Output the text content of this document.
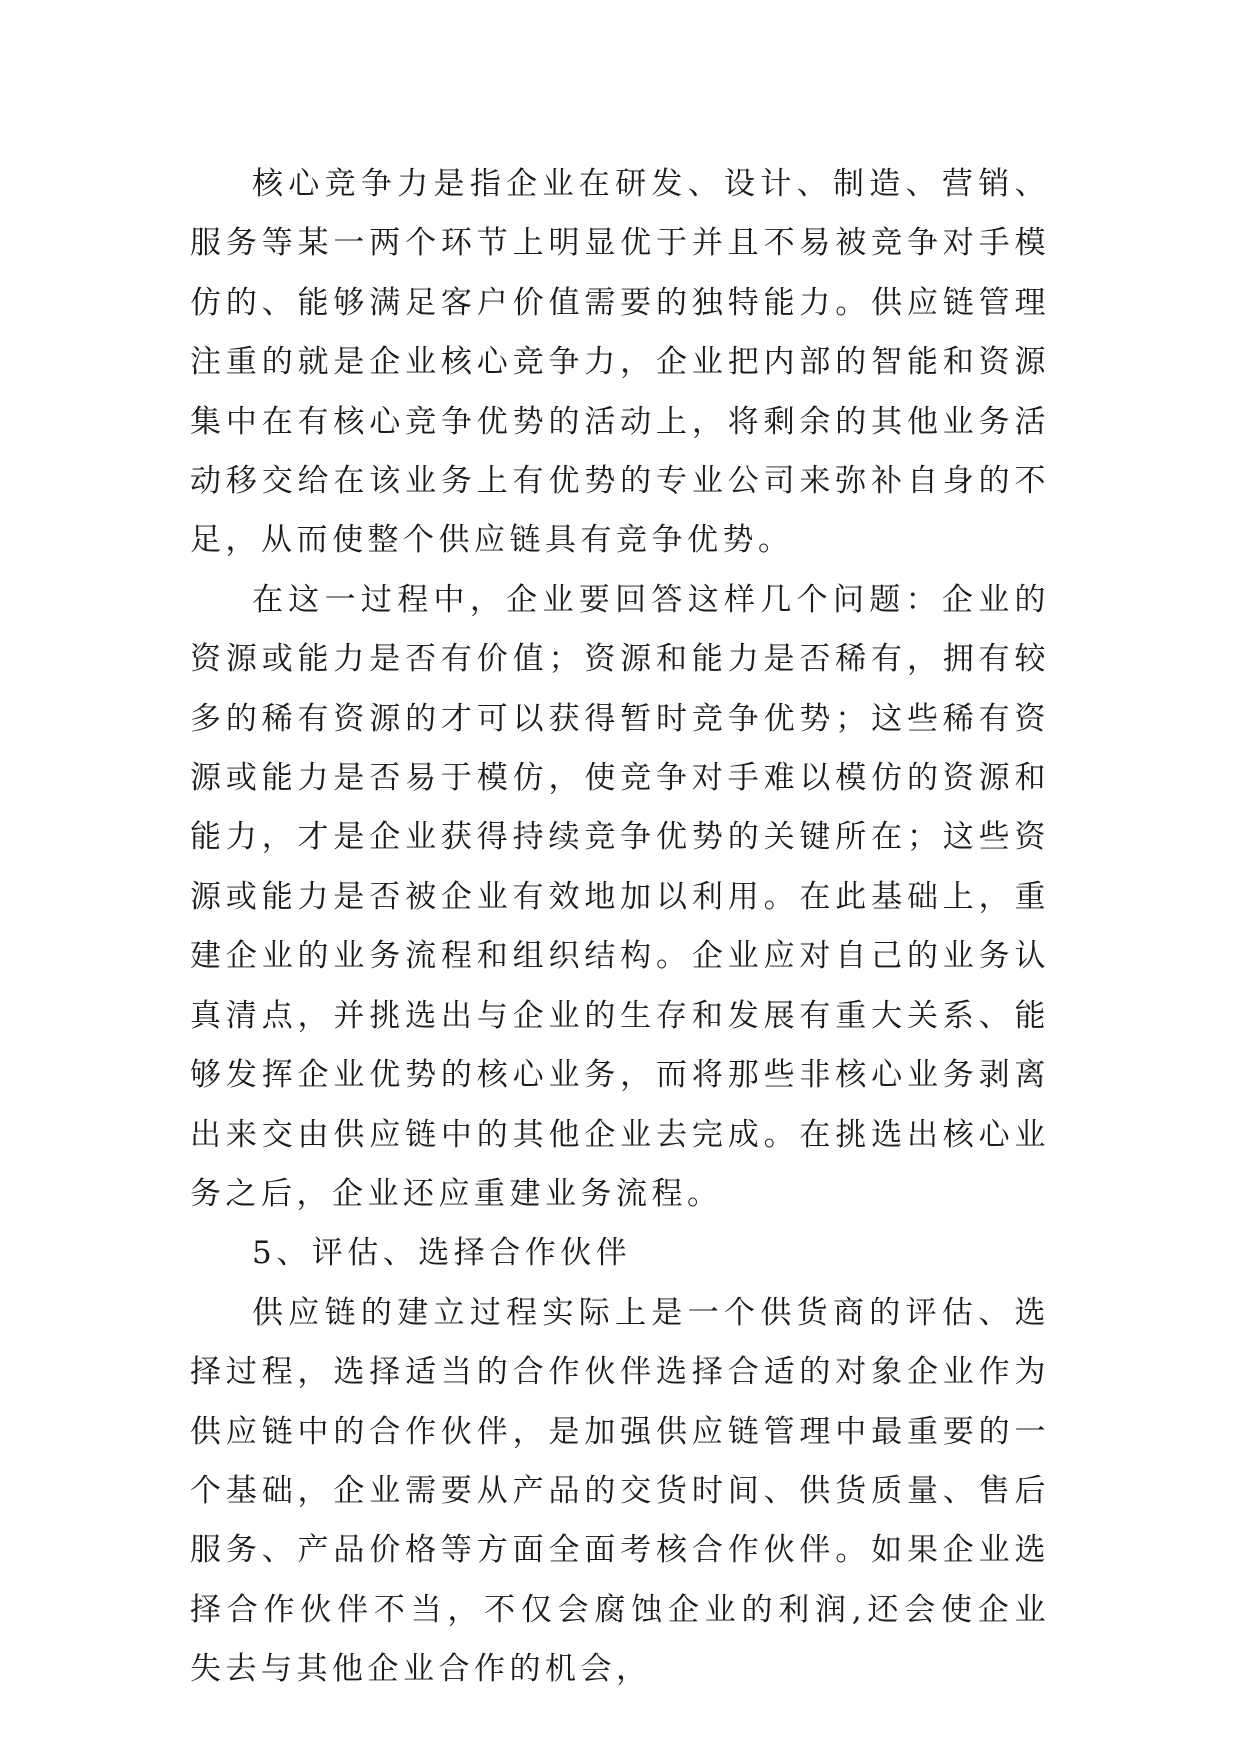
核心竞争力是指企业在研发、设计、制造、营销、服务等某一两个环节上明显优于并且不易被竞争对手模仿的、能够满足客户价值需要的独特能力。供应链管理注重的就是企业核心竞争力，企业把内部的智能和资源集中在有核心竞争优势的活动上，将剩余的其他业务活动移交给在该业务上有优势的专业公司来弥补自身的不足，从而使整个供应链具有竞争优势。

在这一过程中，企业要回答这样几个问题：企业的资源或能力是否有价值；资源和能力是否稀有，拥有较多的稀有资源的才可以获得暂时竞争优势；这些稀有资源或能力是否易于模仿，使竞争对手难以模仿的资源和能力，才是企业获得持续竞争优势的关键所在；这些资源或能力是否被企业有效地加以利用。在此基础上，重建企业的业务流程和组织结构。企业应对自己的业务认真清点，并挑选出与企业的生存和发展有重大关系、能够发挥企业优势的核心业务，而将那些非核心业务剥离出来交由供应链中的其他企业去完成。在挑选出核心业务之后，企业还应重建业务流程。

5、评估、选择合作伙伴

供应链的建立过程实际上是一个供货商的评估、选择过程，选择适当的合作伙伴选择合适的对象企业作为供应链中的合作伙伴，是加强供应链管理中最重要的一个基础，企业需要从产品的交货时间、供货质量、售后服务、产品价格等方面全面考核合作伙伴。如果企业选择合作伙伴不当，不仅会腐蚀企业的利润,还会使企业失去与其他企业合作的机会，
